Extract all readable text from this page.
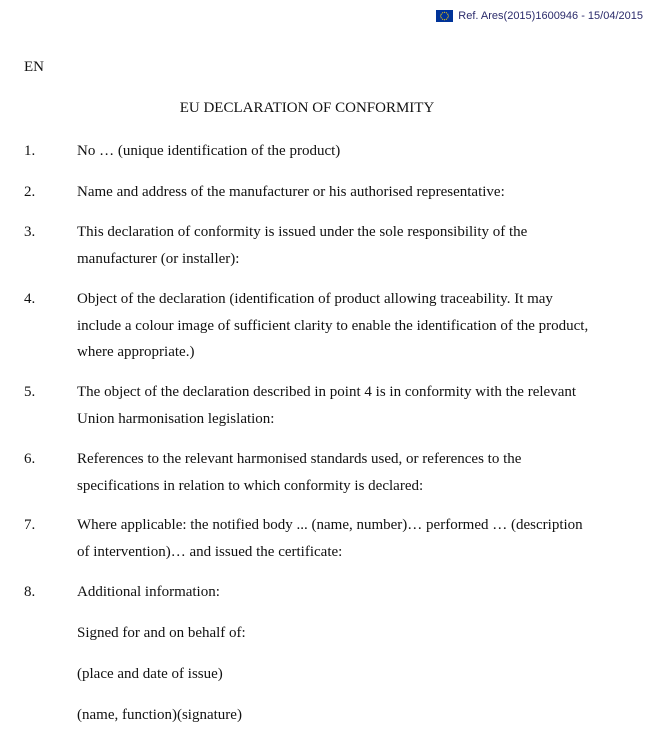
Ref. Ares(2015)1600946 - 15/04/2015
EN
EU DECLARATION OF CONFORMITY
1.	No … (unique identification of the product)
2.	Name and address of the manufacturer or his authorised representative:
3.	This declaration of conformity is issued under the sole responsibility of the
manufacturer (or installer):
4.	Object of the declaration (identification of product allowing traceability. It may
include a colour image of sufficient clarity to enable the identification of the product,
where appropriate.)
5.	The object of the declaration described in point 4 is in conformity with the relevant
Union harmonisation legislation:
6.	References to the relevant harmonised standards used, or references to the
specifications in relation to which conformity is declared:
7.	Where applicable: the notified body ... (name, number)… performed … (description
of intervention)… and issued the certificate:
8.	Additional information:
Signed for and on behalf of:
(place and date of issue)
(name, function)(signature)
